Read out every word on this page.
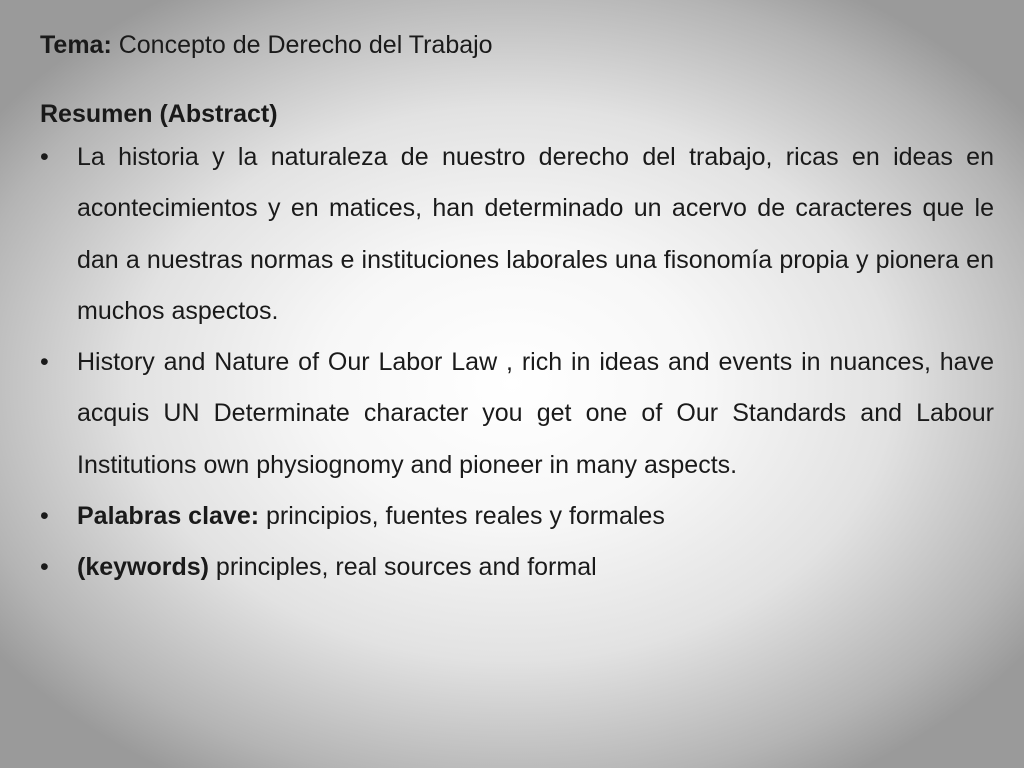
Tema: Concepto de Derecho del Trabajo
Resumen (Abstract)
• La historia y la naturaleza de nuestro derecho del trabajo, ricas en ideas en acontecimientos y en matices, han determinado un acervo de caracteres que le dan a nuestras normas e instituciones laborales una fisonomía propia y pionera en muchos aspectos.
• History and Nature of Our Labor Law , rich in ideas and events in nuances, have acquis UN Determinate character you get one of Our Standards and Labour Institutions own physiognomy and pioneer in many aspects.
• Palabras clave: principios, fuentes reales y formales
• (keywords) principles, real sources and formal
